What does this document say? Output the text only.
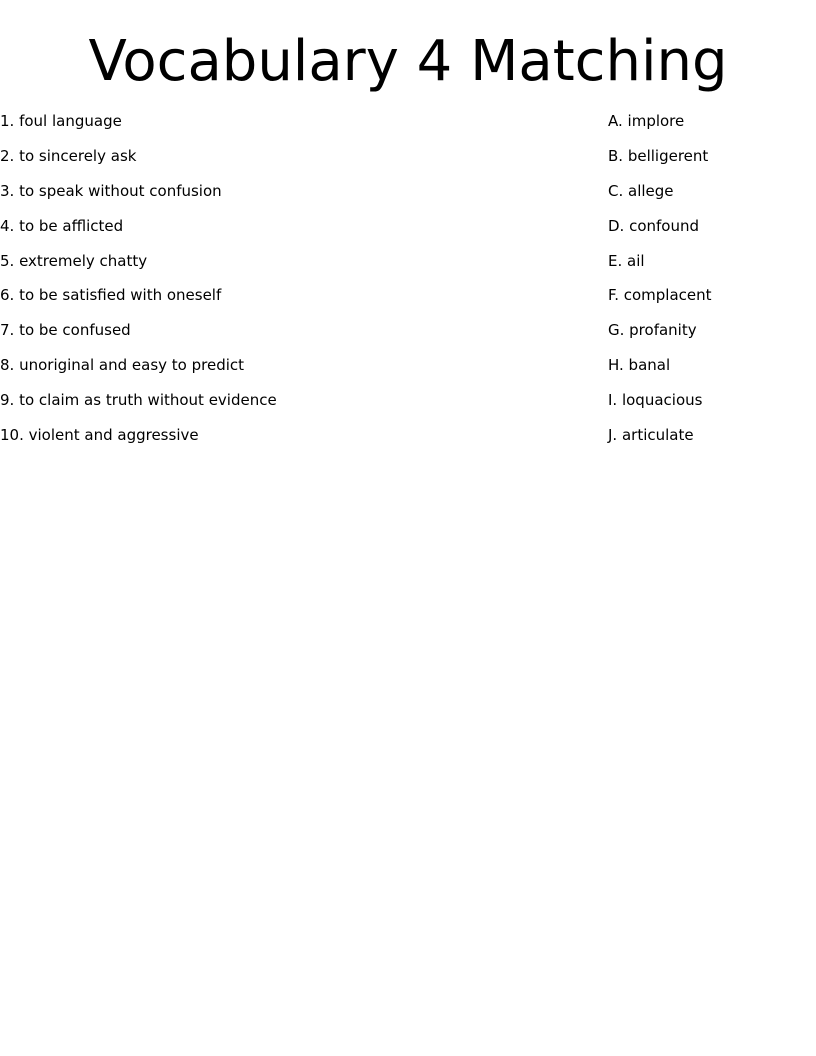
Vocabulary 4 Matching
1. foul language
2. to sincerely ask
3. to speak without confusion
4. to be afflicted
5. extremely chatty
6. to be satisfied with oneself
7. to be confused
8. unoriginal and easy to predict
9. to claim as truth without evidence
10. violent and aggressive
A. implore
B. belligerent
C. allege
D. confound
E. ail
F. complacent
G. profanity
H. banal
I. loquacious
J. articulate
